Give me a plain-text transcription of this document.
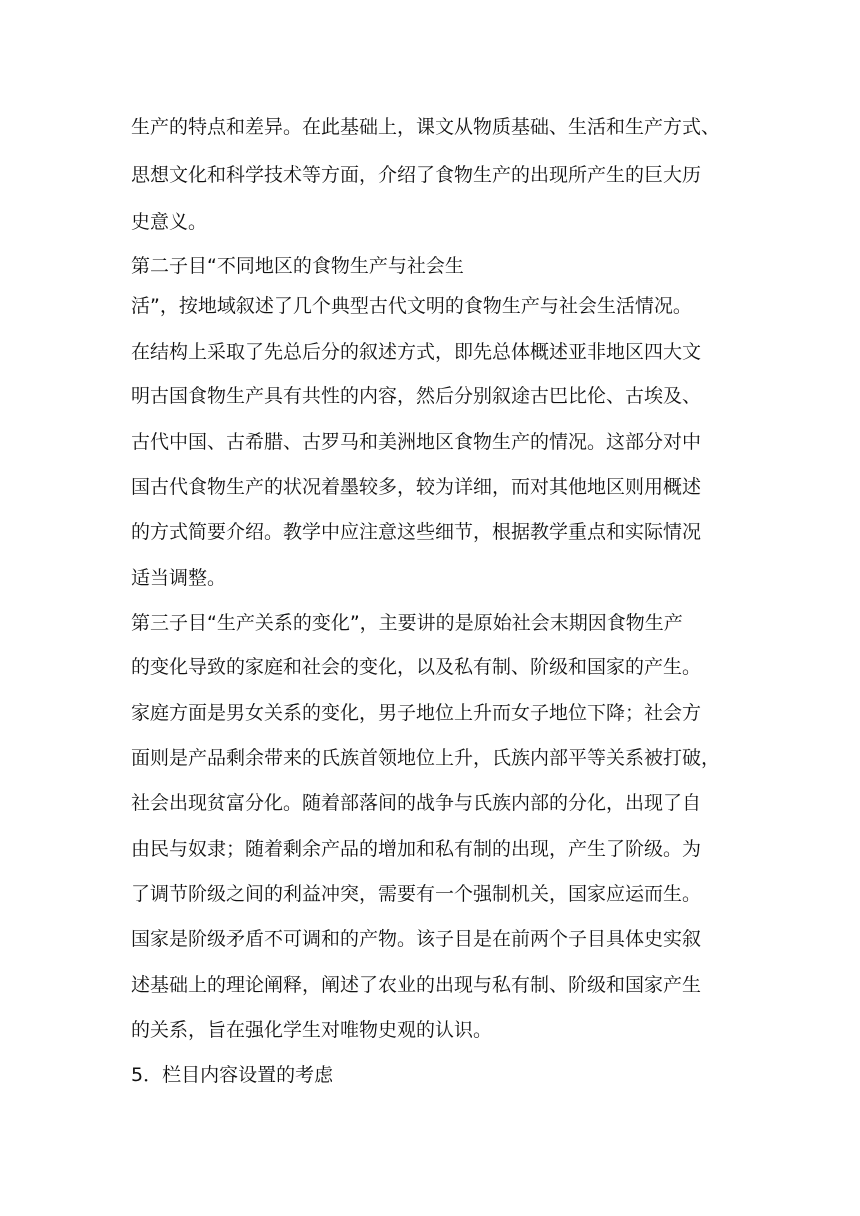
生产的特点和差异。在此基础上，课文从物质基础、生活和生产方式、
思想文化和科学技术等方面，介绍了食物生产的出现所产生的巨大历
史意义。
第二子目“不同地区的食物生产与社会生
活”，按地域叙述了几个典型古代文明的食物生产与社会生活情况。
在结构上采取了先总后分的叙述方式，即先总体概述亚非地区四大文
明古国食物生产具有共性的内容，然后分别叙途古巴比伦、古埃及、
古代中国、古希腊、古罗马和美洲地区食物生产的情况。这部分对中
国古代食物生产的状况着墨较多，较为详细，而对其他地区则用概述
的方式简要介绍。教学中应注意这些细节，根据教学重点和实际情况
适当调整。
第三子目“生产关系的变化”，主要讲的是原始社会末期因食物生产
的变化导致的家庭和社会的变化，以及私有制、阶级和国家的产生。
家庭方面是男女关系的变化，男子地位上升而女子地位下降；社会方
面则是产品剩余带来的氏族首领地位上升，氏族内部平等关系被打破，
社会出现贫富分化。随着部落间的战争与氏族内部的分化，出现了自
由民与奴隶；随着剩余产品的增加和私有制的出现，产生了阶级。为
了调节阶级之间的利益冲突，需要有一个强制机关，国家应运而生。
国家是阶级矛盾不可调和的产物。该子目是在前两个子目具体史实叙
述基础上的理论阐释，阐述了农业的出现与私有制、阶级和国家产生
的关系，旨在强化学生对唯物史观的认识。
5．栏目内容设置的考虑
